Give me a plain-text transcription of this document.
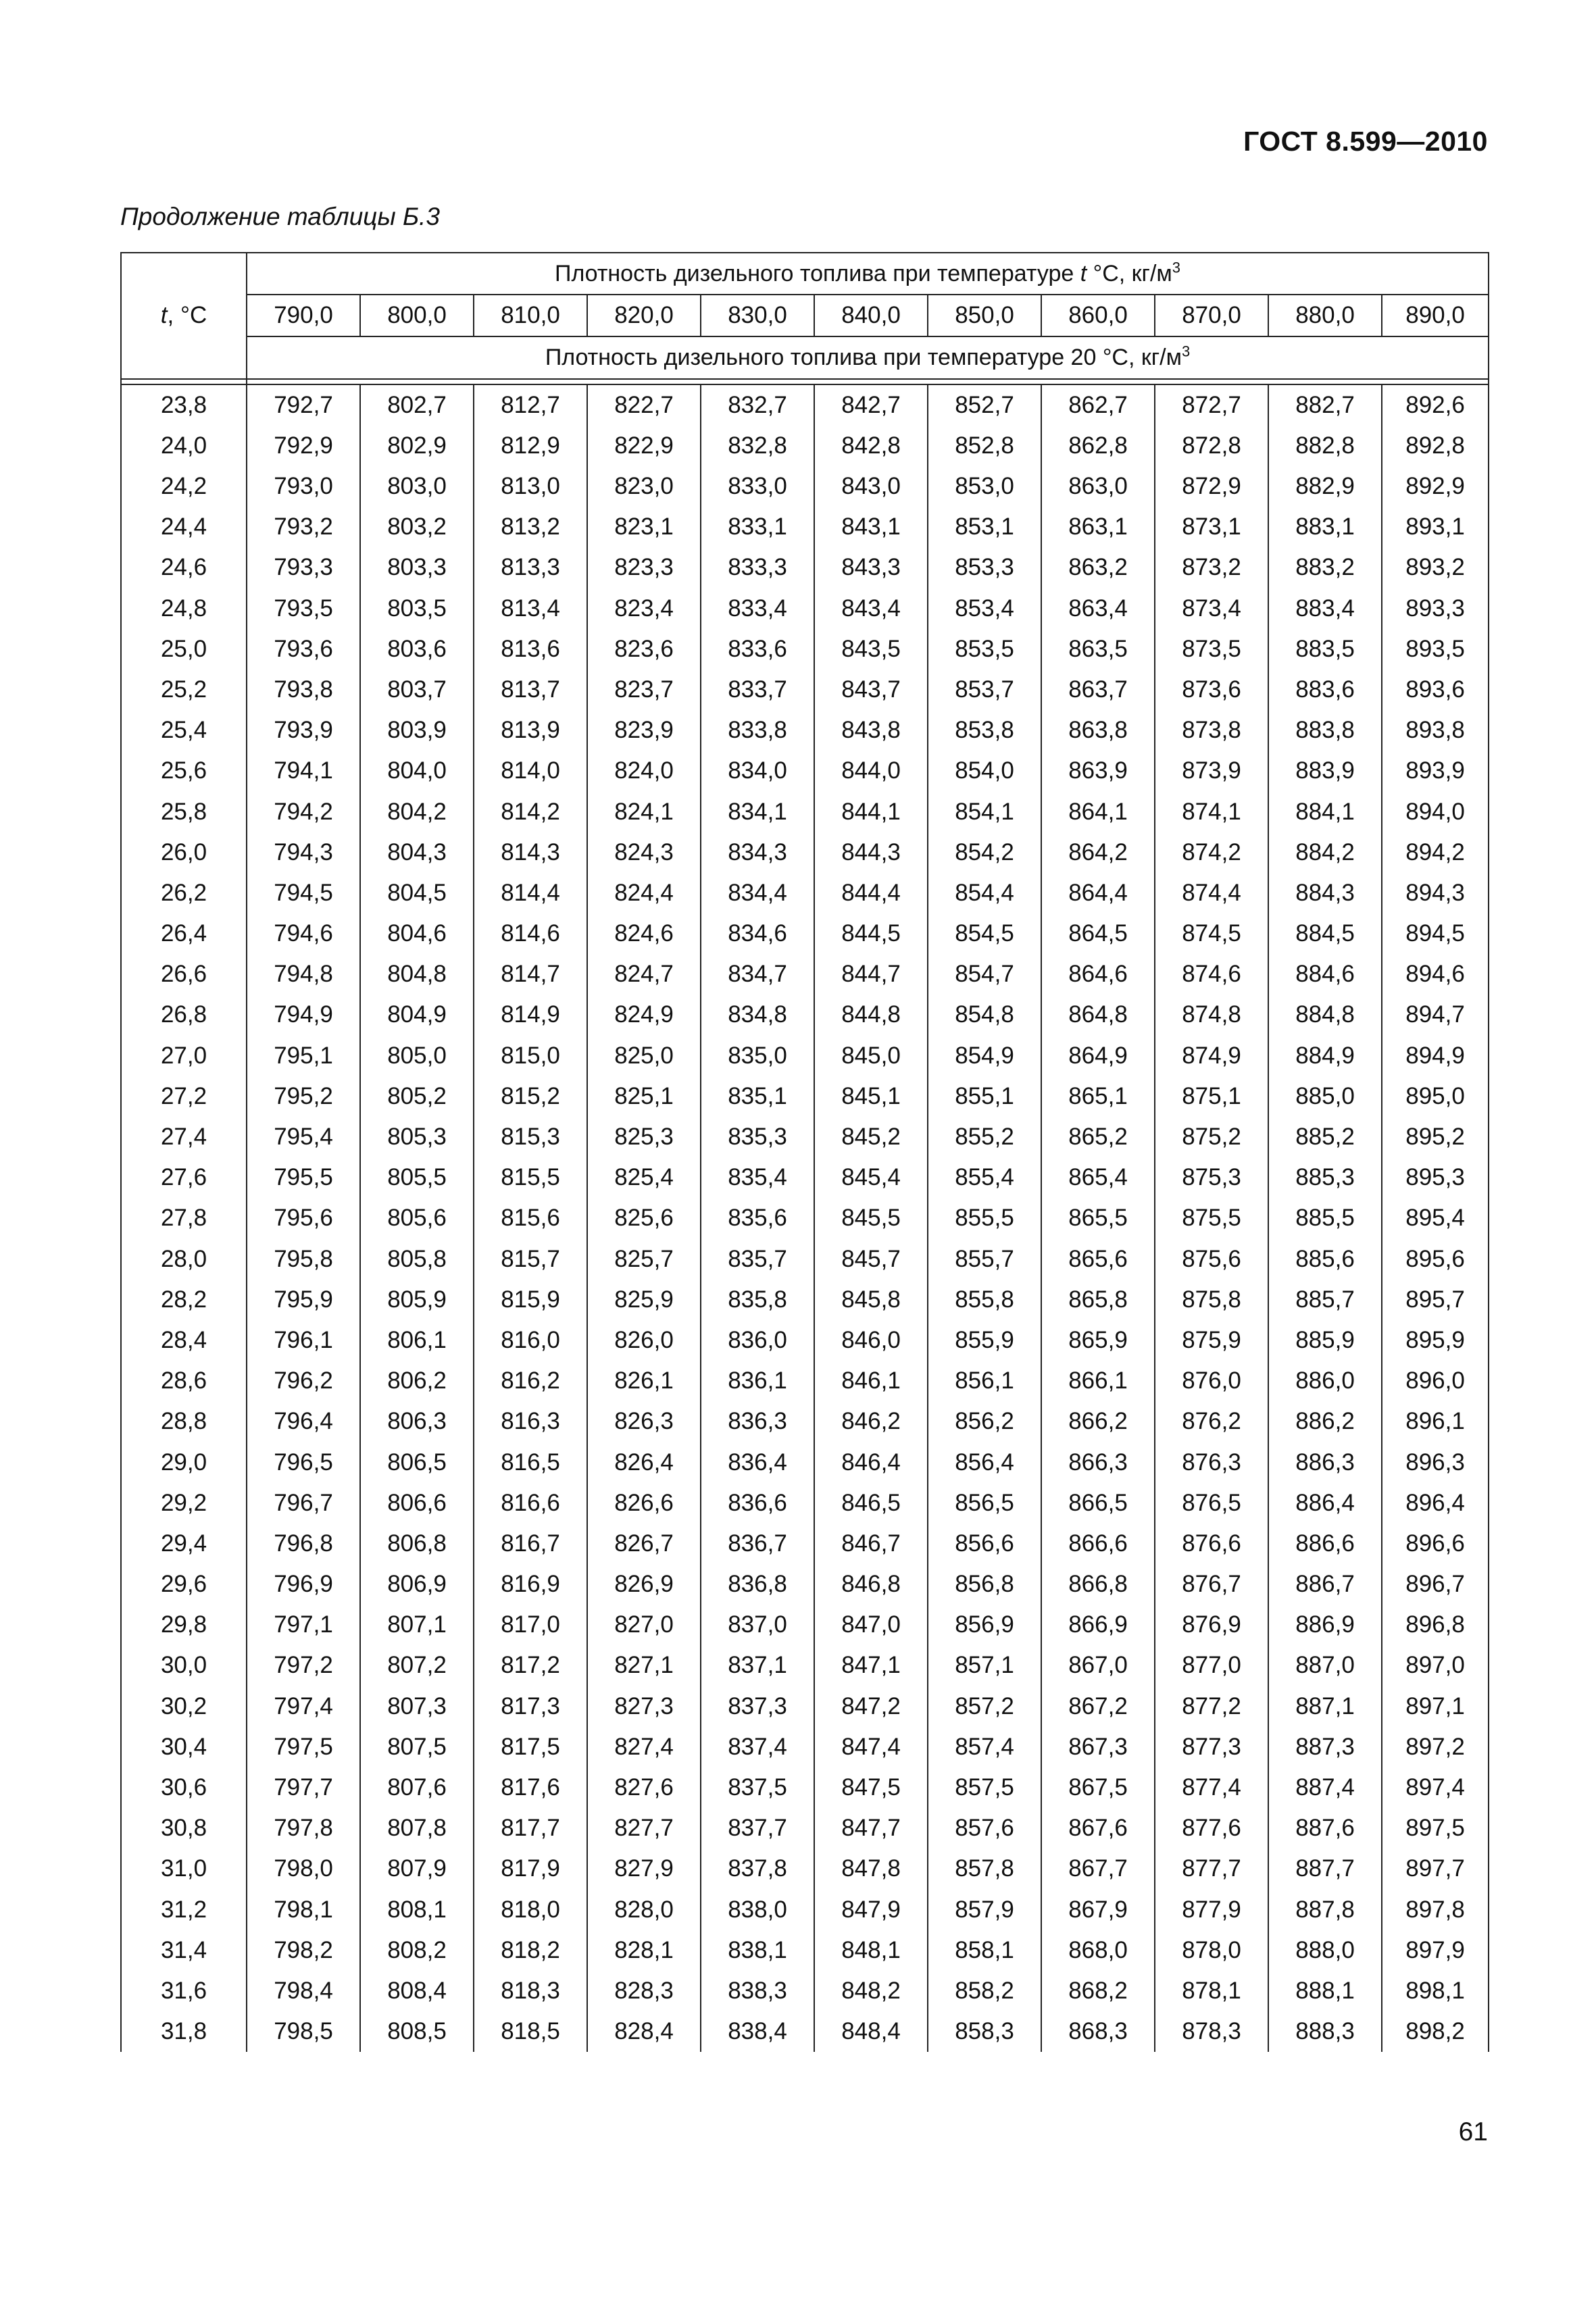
ГОСТ 8.599—2010
Продолжение таблицы Б.3
t, °C	Плотность дизельного топлива при температуре t °С, $кг/м^3$
	790,0	800,0	810,0	820,0	830,0	840,0	850,0	860,0	870,0	880,0	890,0
	Плотность дизельного топлива при температуре 20 °С, $кг/м^3$

23,8	792,7	802,7	812,7	822,7	832,7	842,7	852,7	862,7	872,7	882,7	892,6
24,0	792,9	802,9	812,9	822,9	832,8	842,8	852,8	862,8	872,8	882,8	892,8
24,2	793,0	803,0	813,0	823,0	833,0	843,0	853,0	863,0	872,9	882,9	892,9
24,4	793,2	803,2	813,2	823,1	833,1	843,1	853,1	863,1	873,1	883,1	893,1
24,6	793,3	803,3	813,3	823,3	833,3	843,3	853,3	863,2	873,2	883,2	893,2
24,8	793,5	803,5	813,4	823,4	833,4	843,4	853,4	863,4	873,4	883,4	893,3
25,0	793,6	803,6	813,6	823,6	833,6	843,5	853,5	863,5	873,5	883,5	893,5
25,2	793,8	803,7	813,7	823,7	833,7	843,7	853,7	863,7	873,6	883,6	893,6
25,4	793,9	803,9	813,9	823,9	833,8	843,8	853,8	863,8	873,8	883,8	893,8
25,6	794,1	804,0	814,0	824,0	834,0	844,0	854,0	863,9	873,9	883,9	893,9
25,8	794,2	804,2	814,2	824,1	834,1	844,1	854,1	864,1	874,1	884,1	894,0
26,0	794,3	804,3	814,3	824,3	834,3	844,3	854,2	864,2	874,2	884,2	894,2
26,2	794,5	804,5	814,4	824,4	834,4	844,4	854,4	864,4	874,4	884,3	894,3
26,4	794,6	804,6	814,6	824,6	834,6	844,5	854,5	864,5	874,5	884,5	894,5
26,6	794,8	804,8	814,7	824,7	834,7	844,7	854,7	864,6	874,6	884,6	894,6
26,8	794,9	804,9	814,9	824,9	834,8	844,8	854,8	864,8	874,8	884,8	894,7
27,0	795,1	805,0	815,0	825,0	835,0	845,0	854,9	864,9	874,9	884,9	894,9
27,2	795,2	805,2	815,2	825,1	835,1	845,1	855,1	865,1	875,1	885,0	895,0
27,4	795,4	805,3	815,3	825,3	835,3	845,2	855,2	865,2	875,2	885,2	895,2
27,6	795,5	805,5	815,5	825,4	835,4	845,4	855,4	865,4	875,3	885,3	895,3
27,8	795,6	805,6	815,6	825,6	835,6	845,5	855,5	865,5	875,5	885,5	895,4
28,0	795,8	805,8	815,7	825,7	835,7	845,7	855,7	865,6	875,6	885,6	895,6
28,2	795,9	805,9	815,9	825,9	835,8	845,8	855,8	865,8	875,8	885,7	895,7
28,4	796,1	806,1	816,0	826,0	836,0	846,0	855,9	865,9	875,9	885,9	895,9
28,6	796,2	806,2	816,2	826,1	836,1	846,1	856,1	866,1	876,0	886,0	896,0
28,8	796,4	806,3	816,3	826,3	836,3	846,2	856,2	866,2	876,2	886,2	896,1
29,0	796,5	806,5	816,5	826,4	836,4	846,4	856,4	866,3	876,3	886,3	896,3
29,2	796,7	806,6	816,6	826,6	836,6	846,5	856,5	866,5	876,5	886,4	896,4
29,4	796,8	806,8	816,7	826,7	836,7	846,7	856,6	866,6	876,6	886,6	896,6
29,6	796,9	806,9	816,9	826,9	836,8	846,8	856,8	866,8	876,7	886,7	896,7
29,8	797,1	807,1	817,0	827,0	837,0	847,0	856,9	866,9	876,9	886,9	896,8
30,0	797,2	807,2	817,2	827,1	837,1	847,1	857,1	867,0	877,0	887,0	897,0
30,2	797,4	807,3	817,3	827,3	837,3	847,2	857,2	867,2	877,2	887,1	897,1
30,4	797,5	807,5	817,5	827,4	837,4	847,4	857,4	867,3	877,3	887,3	897,2
30,6	797,7	807,6	817,6	827,6	837,5	847,5	857,5	867,5	877,4	887,4	897,4
30,8	797,8	807,8	817,7	827,7	837,7	847,7	857,6	867,6	877,6	887,6	897,5
31,0	798,0	807,9	817,9	827,9	837,8	847,8	857,8	867,7	877,7	887,7	897,7
31,2	798,1	808,1	818,0	828,0	838,0	847,9	857,9	867,9	877,9	887,8	897,8
31,4	798,2	808,2	818,2	828,1	838,1	848,1	858,1	868,0	878,0	888,0	897,9
31,6	798,4	808,4	818,3	828,3	838,3	848,2	858,2	868,2	878,1	888,1	898,1
31,8	798,5	808,5	818,5	828,4	838,4	848,4	858,3	868,3	878,3	888,3	898,2
61
